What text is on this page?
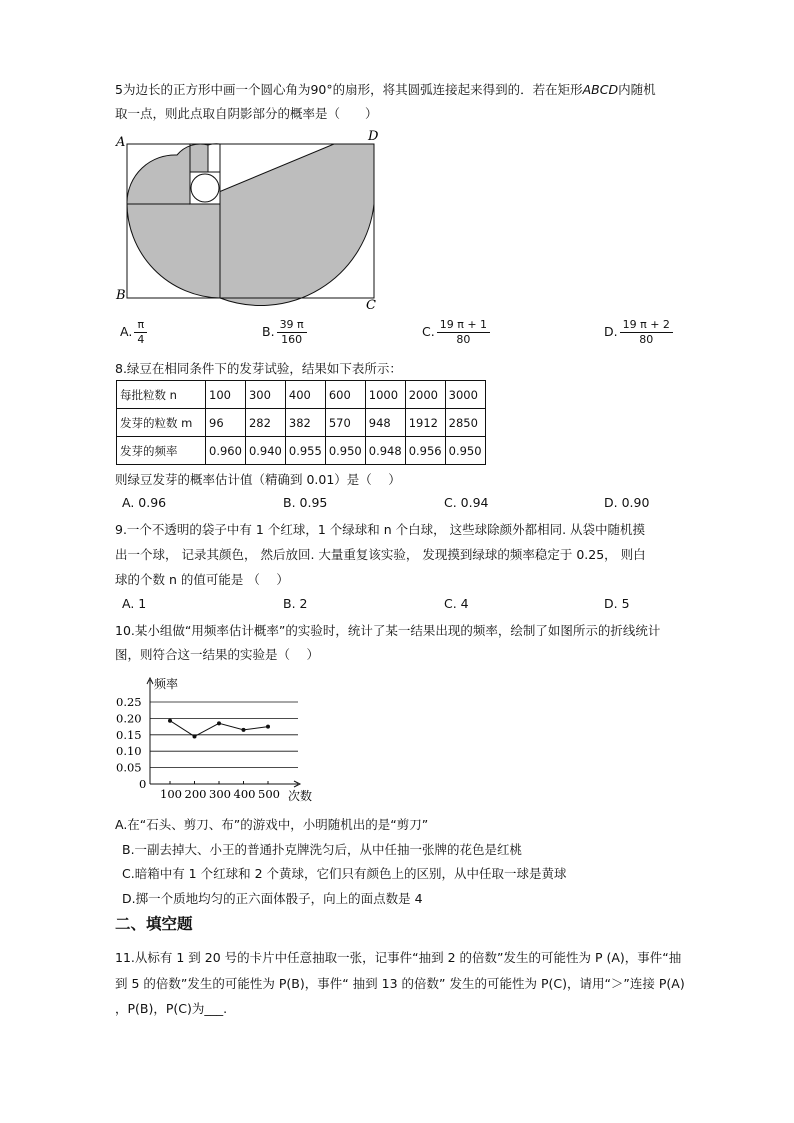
5为边长的正方形中画一个圆心角为90°的扇形，将其圆弧连接起来得到的．若在矩形ABCD内随机
取一点，则此点取自阴影部分的概率是（　　）
A
B
C
D
A. $\frac{\pi}{4}$	B. $\frac{39 \pi}{160}$	C. $\frac{19 \pi + 1}{80}$	D. $\frac{19 \pi + 2}{80}$
8.绿豆在相同条件下的发芽试验，结果如下表所示：
每批粒数 n	100	300	400	600	1000	2000	3000
发芽的粒数 m	96	282	382	570	948	1912	2850
发芽的频率	0.960	0.940	0.955	0.950	0.948	0.956	0.950
则绿豆发芽的概率估计值（精确到 0.01）是（　 ）
A. 0.96	B. 0.95	C. 0.94	D. 0.90
9.一个不透明的袋子中有 1 个红球，1 个绿球和 n 个白球， 这些球除颜外都相同. 从袋中随机摸
出一个球， 记录其颜色， 然后放回. 大量重复该实验， 发现摸到绿球的频率稳定于 0.25， 则白
球的个数 n 的值可能是 （　 ）
A. 1	B. 2	C. 4	D. 5
10.某小组做“用频率估计概率”的实验时，统计了某一结果出现的频率，绘制了如图所示的折线统计
图，则符合这一结果的实验是（　 ）
0.25
0.20
0.15
0.10
0.05
0
100 200 300 400 500
频率
次数
A.在“石头、剪刀、布”的游戏中，小明随机出的是“剪刀”
B.一副去掉大、小王的普通扑克牌洗匀后，从中任抽一张牌的花色是红桃
C.暗箱中有 1 个红球和 2 个黄球，它们只有颜色上的区别，从中任取一球是黄球
D.掷一个质地均匀的正六面体骰子，向上的面点数是 4
二、填空题
11.从标有 1 到 20 号的卡片中任意抽取一张，记事件“抽到 2 的倍数”发生的可能性为 P (A)，事件“抽
到 5 的倍数”发生的可能性为 P(B)，事件“ 抽到 13 的倍数” 发生的可能性为 P(C)，请用“＞”连接 P(A)
，P(B)，P(C)为___.
